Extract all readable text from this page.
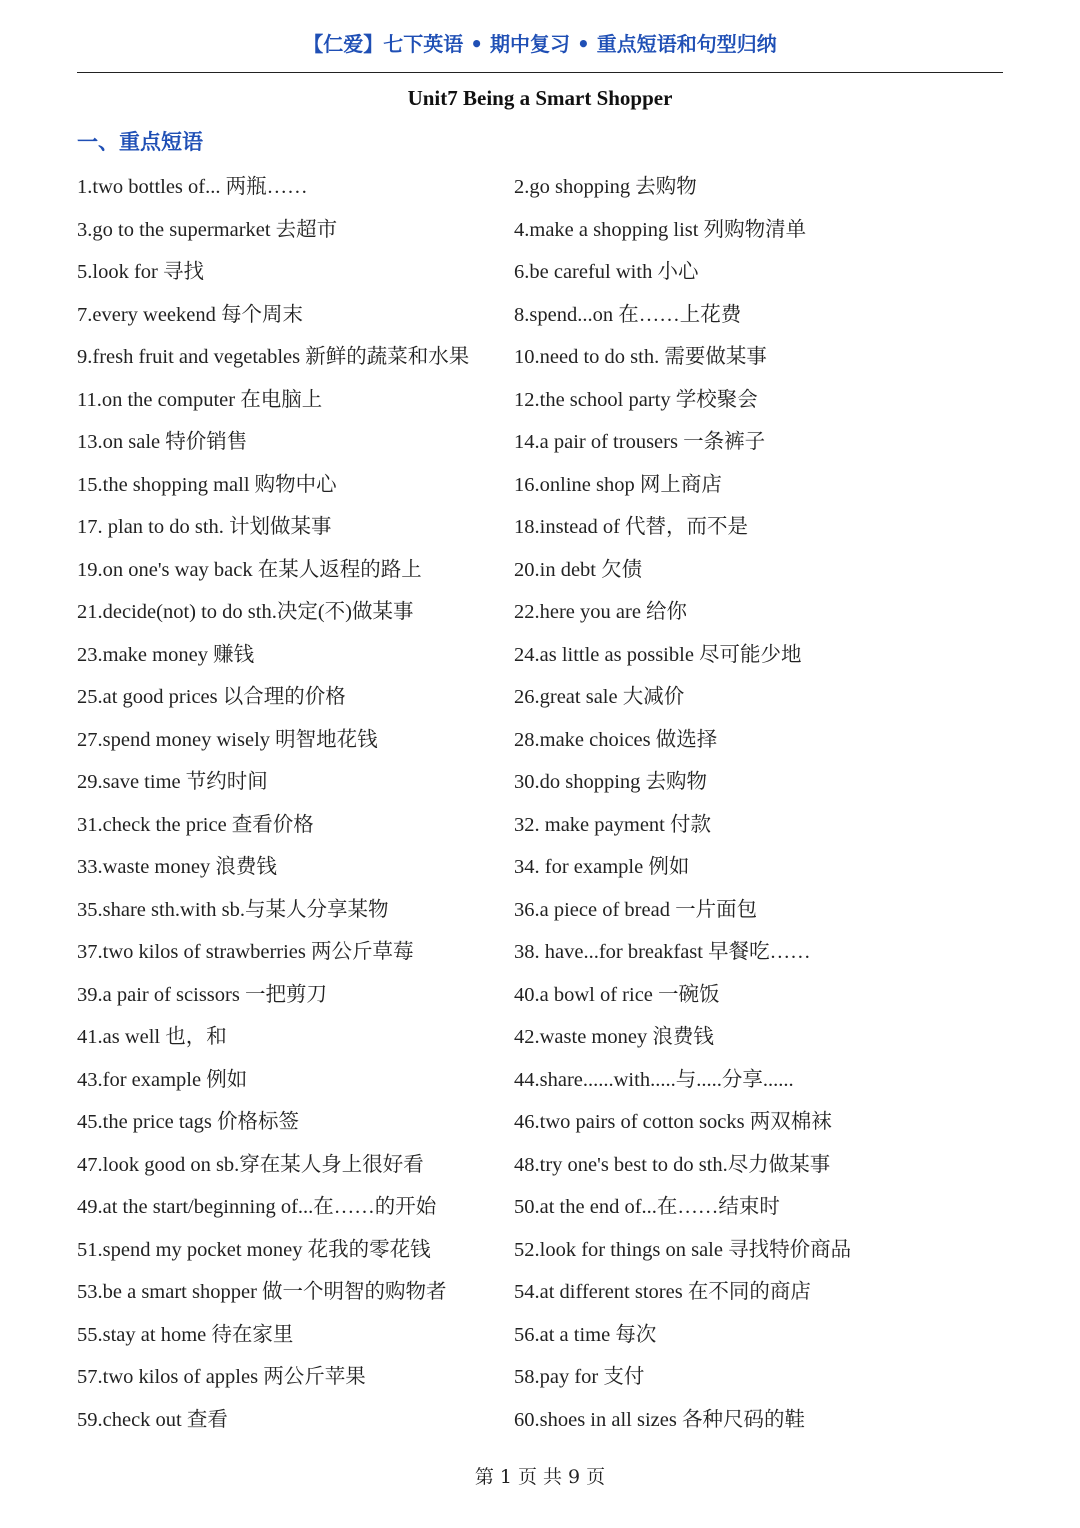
【仁爱】七下英语 • 期中复习 • 重点短语和句型归纳
Unit7 Being a Smart Shopper
一、重点短语
1.two bottles of... 两瓶……	2.go shopping 去购物
3.go to the supermarket 去超市	4.make a shopping list 列购物清单
5.look for 寻找	6.be careful with 小心
7.every weekend 每个周末	8.spend...on 在……上花费
9.fresh fruit and vegetables 新鲜的蔬菜和水果	10.need to do sth. 需要做某事
11.on the computer 在电脑上	12.the school party 学校聚会
13.on sale 特价销售	14.a pair of trousers 一条裤子
15.the shopping mall 购物中心	16.online shop 网上商店
17. plan to do sth. 计划做某事	18.instead of 代替，而不是
19.on one's way back 在某人返程的路上	20.in debt 欠债
21.decide(not) to do sth.决定(不)做某事	22.here you are 给你
23.make money 赚钱	24.as little as possible 尽可能少地
25.at good prices 以合理的价格	26.great sale 大减价
27.spend money wisely 明智地花钱	28.make choices 做选择
29.save time 节约时间	30.do shopping 去购物
31.check the price 查看价格	32. make payment 付款
33.waste money 浪费钱	34. for example 例如
35.share sth.with sb.与某人分享某物	36.a piece of bread 一片面包
37.two kilos of strawberries 两公斤草莓	38. have...for breakfast 早餐吃……
39.a pair of scissors 一把剪刀	40.a bowl of rice 一碗饭
41.as well 也，和	42.waste money 浪费钱
43.for example 例如	44.share......with.....与.....分享......
45.the price tags 价格标签	46.two pairs of cotton socks 两双棉袜
47.look good on sb.穿在某人身上很好看	48.try one's best to do sth.尽力做某事
49.at the start/beginning of...在……的开始	50.at the end of...在……结束时
51.spend my pocket money 花我的零花钱	52.look for things on sale 寻找特价商品
53.be a smart shopper 做一个明智的购物者	54.at different stores 在不同的商店
55.stay at home 待在家里	56.at a time 每次
57.two kilos of apples 两公斤苹果	58.pay for 支付
59.check out 查看	60.shoes in all sizes 各种尺码的鞋
第 1 页 共 9 页
